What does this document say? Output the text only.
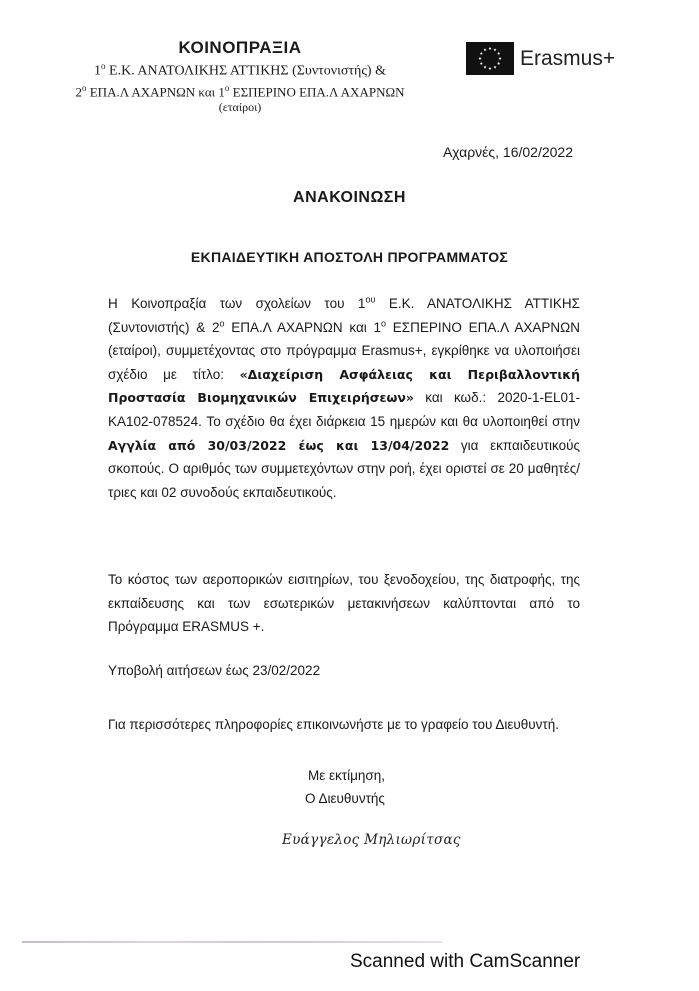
ΚΟΙΝΟΠΡΑΞΙΑ
$1^o$ Ε.Κ. ΑΝΑΤΟΛΙΚΗΣ ΑΤΤΙΚΗΣ (Συντονιστής) &
$2^o$ ΕΠΑ.Λ ΑΧΑΡΝΩΝ και $1^o$ ΕΣΠΕΡΙΝΟ ΕΠΑ.Λ ΑΧΑΡΝΩΝ
(εταίροι)
Erasmus+
Αχαρνές, 16/02/2022
ΑΝΑΚΟΙΝΩΣΗ
ΕΚΠΑΙΔΕΥΤΙΚΗ ΑΠΟΣΤΟΛΗ ΠΡΟΓΡΑΜΜΑΤΟΣ
Η Κοινοπραξία των σχολείων του $1^{o\upsilon}$ Ε.Κ. ΑΝΑΤΟΛΙΚΗΣ ΑΤΤΙΚΗΣ (Συντονιστής) & $2^o$ ΕΠΑ.Λ ΑΧΑΡΝΩΝ και $1^o$ ΕΣΠΕΡΙΝΟ ΕΠΑ.Λ ΑΧΑΡΝΩΝ (εταίροι), συμμετέχοντας στο πρόγραμμα Erasmus+, εγκρίθηκε να υλοποιήσει σχέδιο με τίτλο: «Διαχείριση Ασφάλειας και Περιβαλλοντική Προστασία Βιομηχανικών Επιχειρήσεων» και κωδ.: 2020-1-EL01-KA102-078524. Το σχέδιο θα έχει διάρκεια 15 ημερών και θα υλοποιηθεί στην Αγγλία από 30/03/2022 έως και 13/04/2022 για εκπαιδευτικούς σκοπούς. Ο αριθμός των συμμετεχόντων στην ροή, έχει οριστεί σε 20 μαθητές/τριες και 02 συνοδούς εκπαιδευτικούς.
Το κόστος των αεροπορικών εισιτηρίων, του ξενοδοχείου, της διατροφής, της εκπαίδευσης και των εσωτερικών μετακινήσεων καλύπτονται από το Πρόγραμμα ERASMUS +.
Υποβολή αιτήσεων έως 23/02/2022
Για περισσότερες πληροφορίες επικοινωνήστε με το γραφείο του Διευθυντή.
Με εκτίμηση,
Ο Διευθυντής
Ευάγγελος Μηλιωρίτσας
Scanned with CamScanner
